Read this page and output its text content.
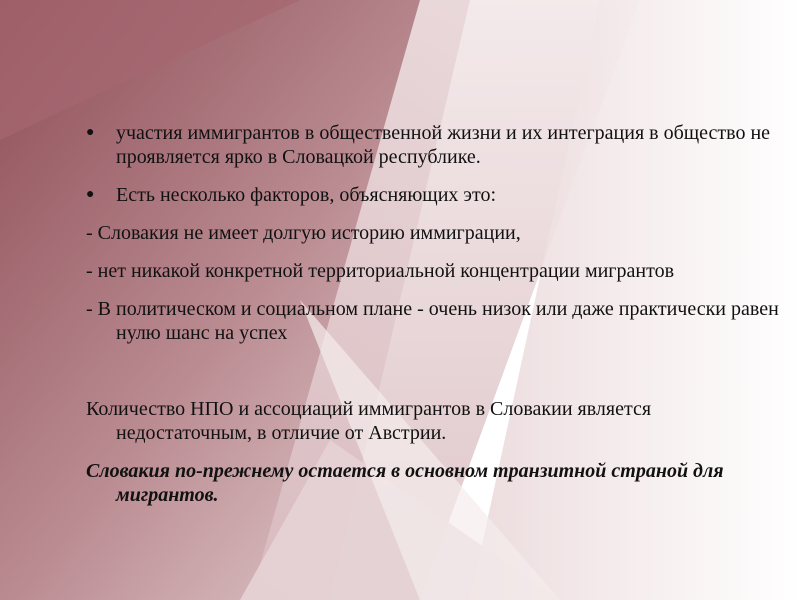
●	участия иммигрантов в общественной жизни и их интеграция в общество не проявляется ярко в Словацкой республике.
●	Есть несколько факторов, объясняющих это:
- Словакия не имеет долгую историю иммиграции,
- нет никакой конкретной территориальной концентрации мигрантов
- В политическом и социальном плане - очень низок или даже практически равен нулю шанс на успех
Количество НПО и ассоциаций иммигрантов в Словакии является недостаточным, в отличие от Австрии.
Словакия по-прежнему остается в основном транзитной страной для мигрантов.
